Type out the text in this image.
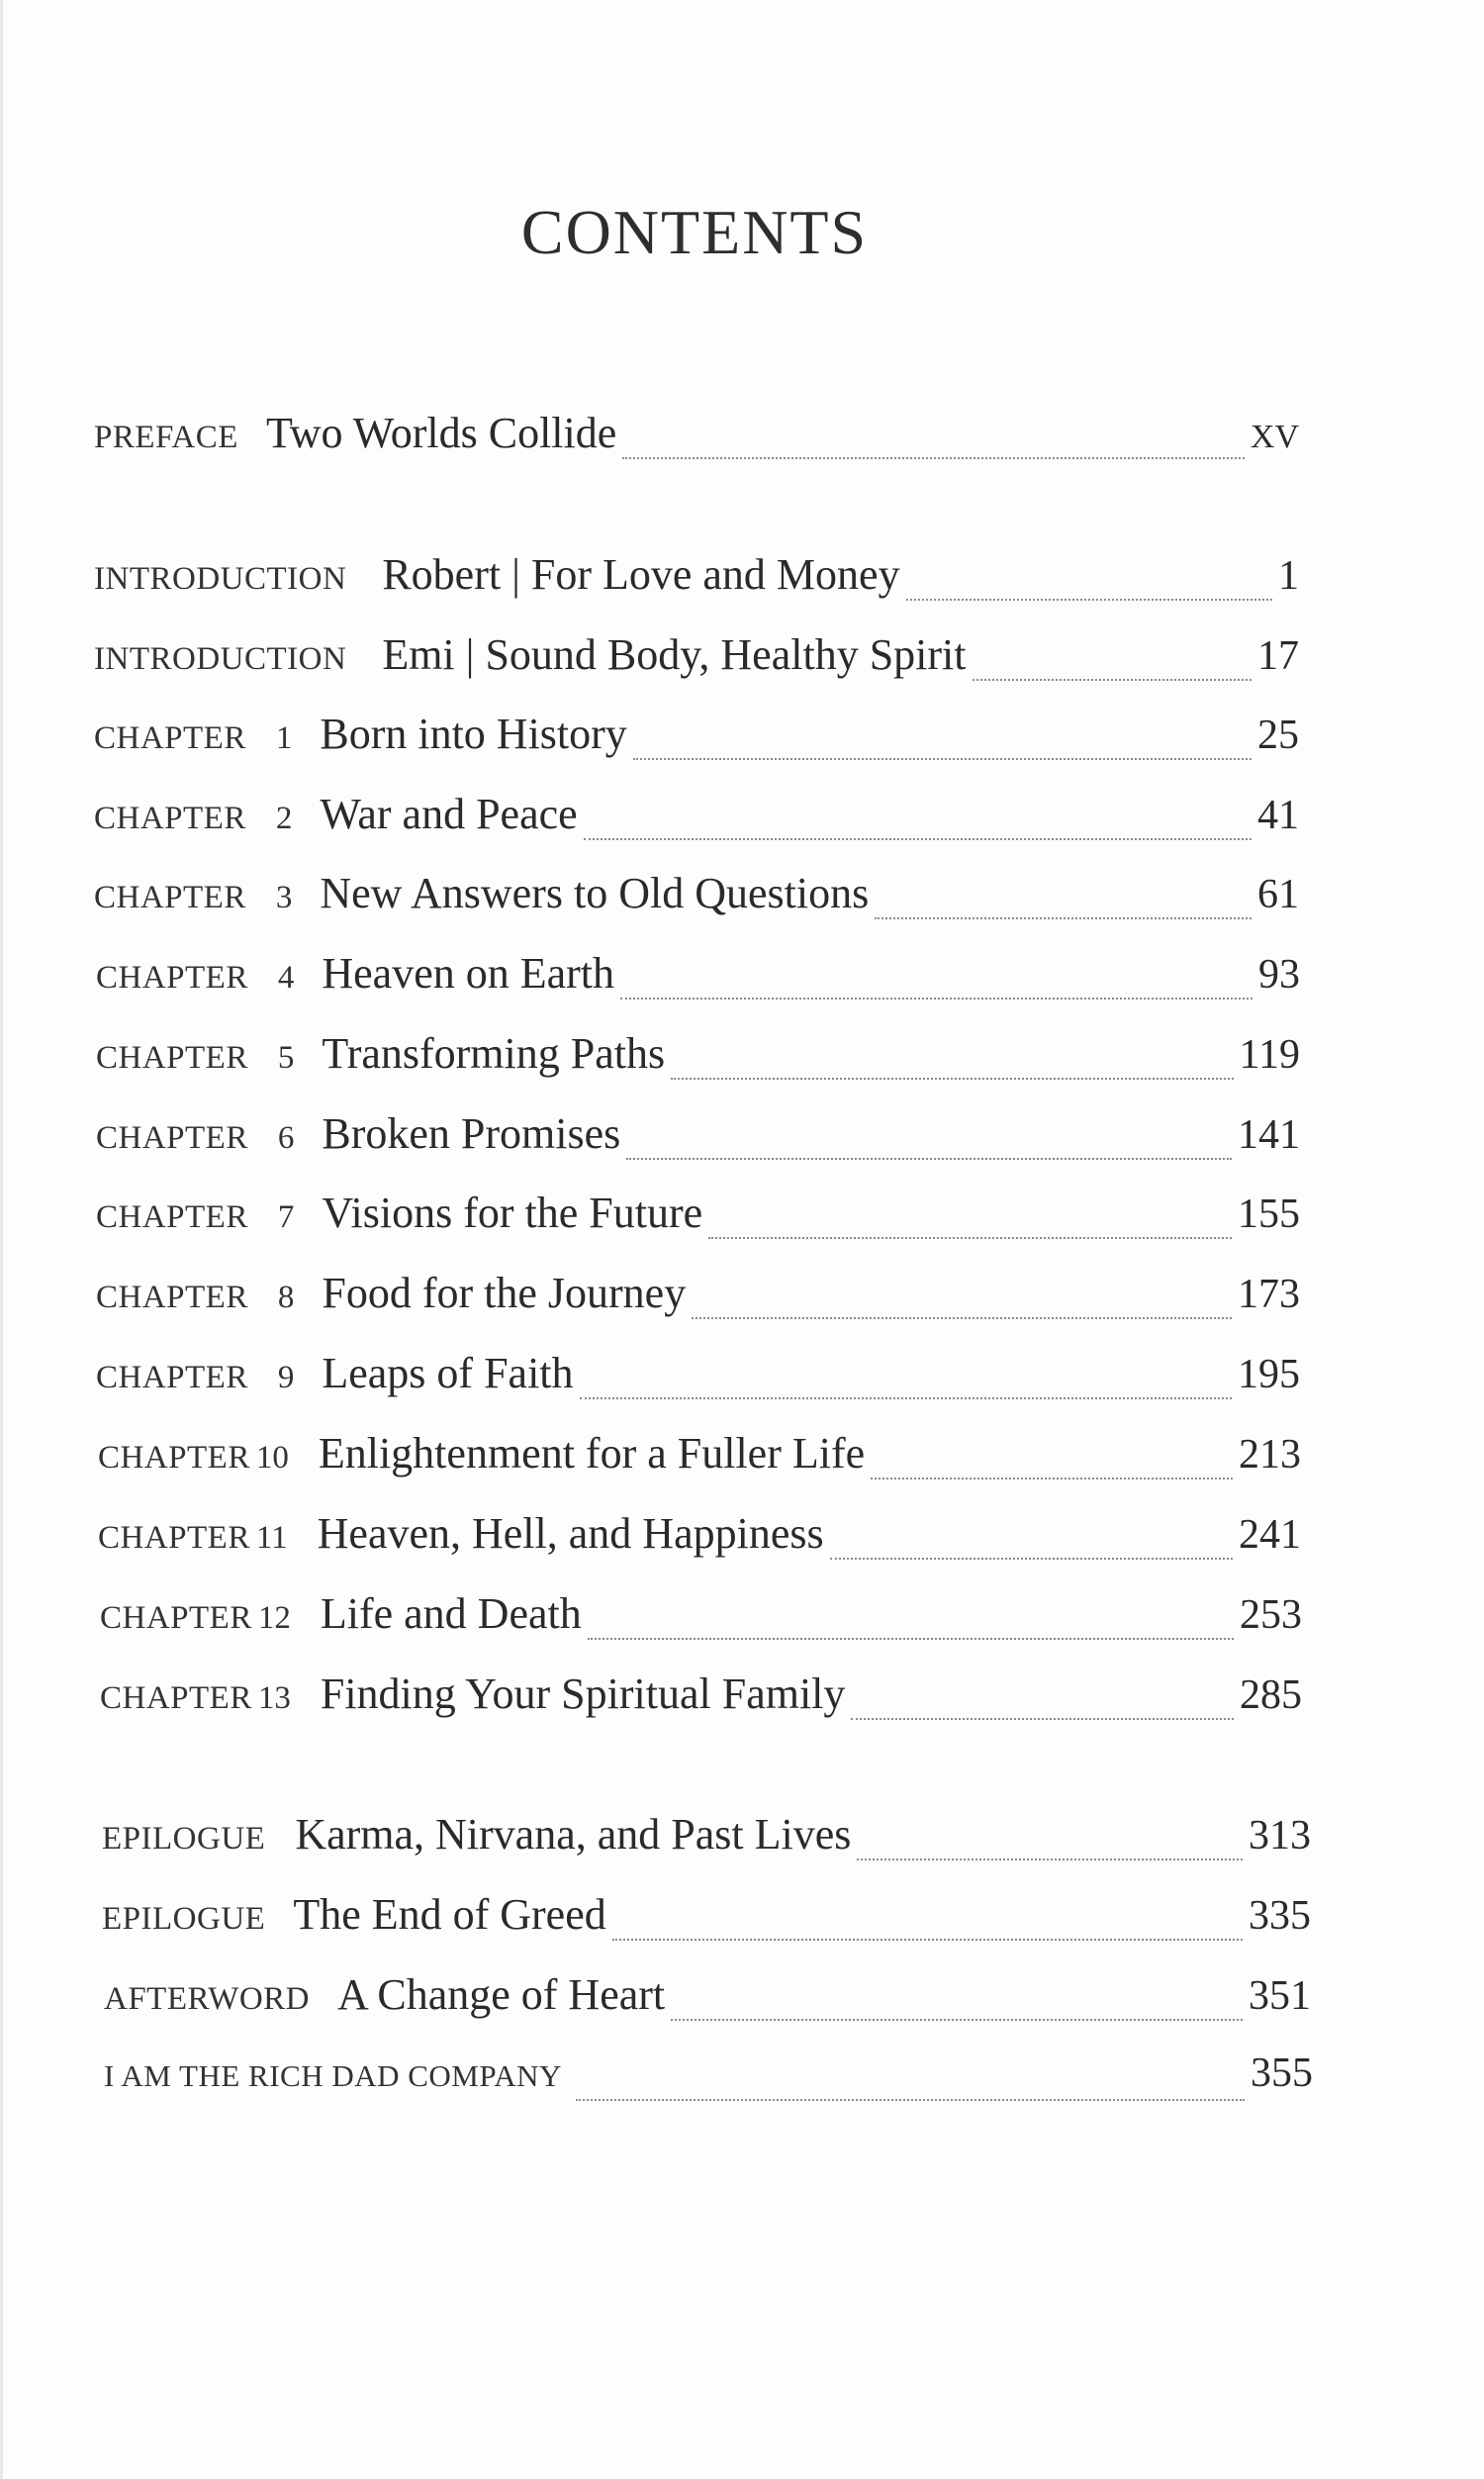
CONTENTS
PREFACE Two Worlds Collide	XV
INTRODUCTION Robert | For Love and Money	1
INTRODUCTION Emi | Sound Body, Healthy Spirit	17
CHAPTER 1 Born into History	25
CHAPTER 2 War and Peace	41
CHAPTER 3 New Answers to Old Questions	61
CHAPTER 4 Heaven on Earth	93
CHAPTER 5 Transforming Paths	119
CHAPTER 6 Broken Promises	141
CHAPTER 7 Visions for the Future	155
CHAPTER 8 Food for the Journey	173
CHAPTER 9 Leaps of Faith	195
CHAPTER 10 Enlightenment for a Fuller Life	213
CHAPTER 11 Heaven, Hell, and Happiness	241
CHAPTER 12 Life and Death	253
CHAPTER 13 Finding Your Spiritual Family	285
EPILOGUE Karma, Nirvana, and Past Lives	313
EPILOGUE The End of Greed	335
AFTERWORD A Change of Heart	351
I AM THE RICH DAD COMPANY	355
